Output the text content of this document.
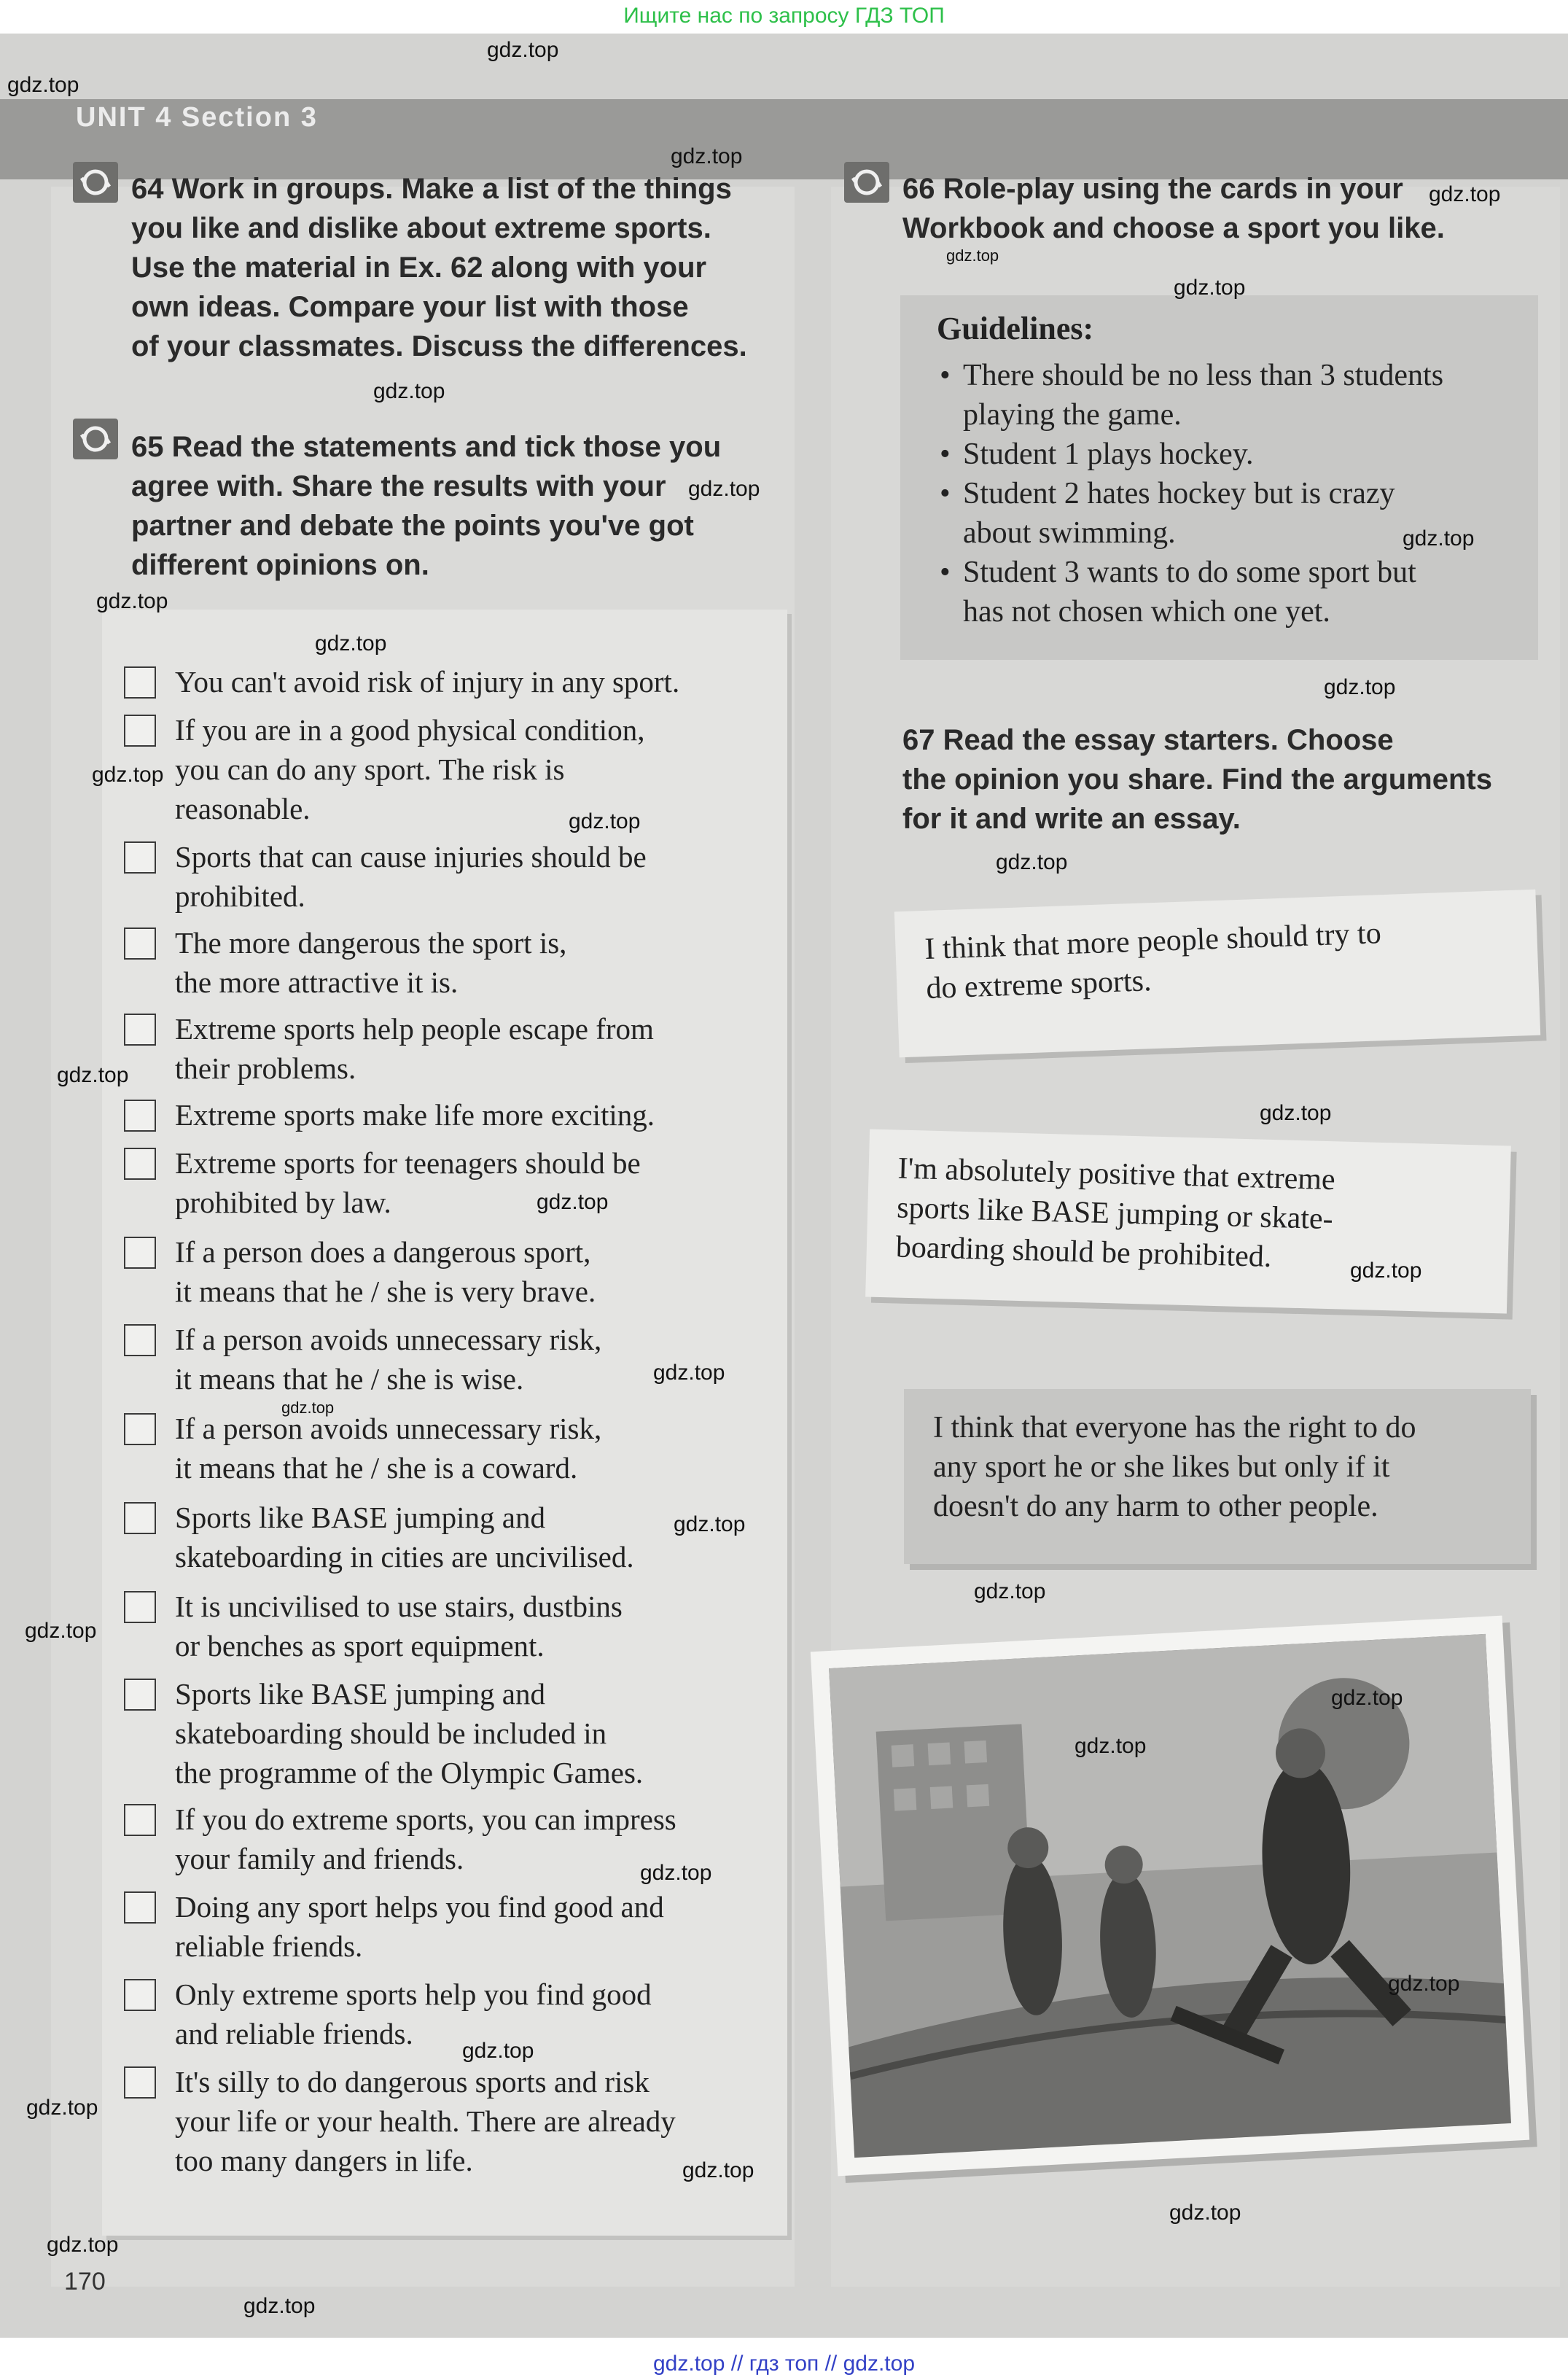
Ищите нас по запросу ГДЗ ТОП
UNIT 4 Section 3
64 Work in groups. Make a list of the things
you like and dislike about extreme sports.
Use the material in Ex. 62 along with your
own ideas. Compare your list with those
of your classmates. Discuss the differences.
65 Read the statements and tick those you
agree with. Share the results with your
partner and debate the points you've got
different opinions on.
You can't avoid risk of injury in any sport.
If you are in a good physical condition,
you can do any sport. The risk is
reasonable.
Sports that can cause injuries should be
prohibited.
The more dangerous the sport is,
the more attractive it is.
Extreme sports help people escape from
their problems.
Extreme sports make life more exciting.
Extreme sports for teenagers should be
prohibited by law.
If a person does a dangerous sport,
it means that he / she is very brave.
If a person avoids unnecessary risk,
it means that he / she is wise.
If a person avoids unnecessary risk,
it means that he / she is a coward.
Sports like BASE jumping and
skateboarding in cities are uncivilised.
It is uncivilised to use stairs, dustbins
or benches as sport equipment.
Sports like BASE jumping and
skateboarding should be included in
the programme of the Olympic Games.
If you do extreme sports, you can impress
your family and friends.
Doing any sport helps you find good and
reliable friends.
Only extreme sports help you find good
and reliable friends.
It's silly to do dangerous sports and risk
your life or your health. There are already
too many dangers in life.
66 Role-play using the cards in your
Workbook and choose a sport you like.
Guidelines:
• There should be no less than 3 students
playing the game.
• Student 1 plays hockey.
• Student 2 hates hockey but is crazy
about swimming.
• Student 3 wants to do some sport but
has not chosen which one yet.
67 Read the essay starters. Choose
the opinion you share. Find the arguments
for it and write an essay.
I think that more people should try to
do extreme sports.
I'm absolutely positive that extreme
sports like BASE jumping or skate-
boarding should be prohibited.
I think that everyone has the right to do
any sport he or she likes but only if it
doesn't do any harm to other people.
170
gdz.top
gdz.top
gdz.top
gdz.top
gdz.top
gdz.top
gdz.top
gdz.top
gdz.top
gdz.top
gdz.top
gdz.top
gdz.top
gdz.top
gdz.top
gdz.top
gdz.top
gdz.top
gdz.top
gdz.top
gdz.top
gdz.top
gdz.top
gdz.top
gdz.top
gdz.top
gdz.top
gdz.top
gdz.top
gdz.top
gdz.top
gdz.top
gdz.top
gdz.top
gdz.top // гдз топ // gdz.top
